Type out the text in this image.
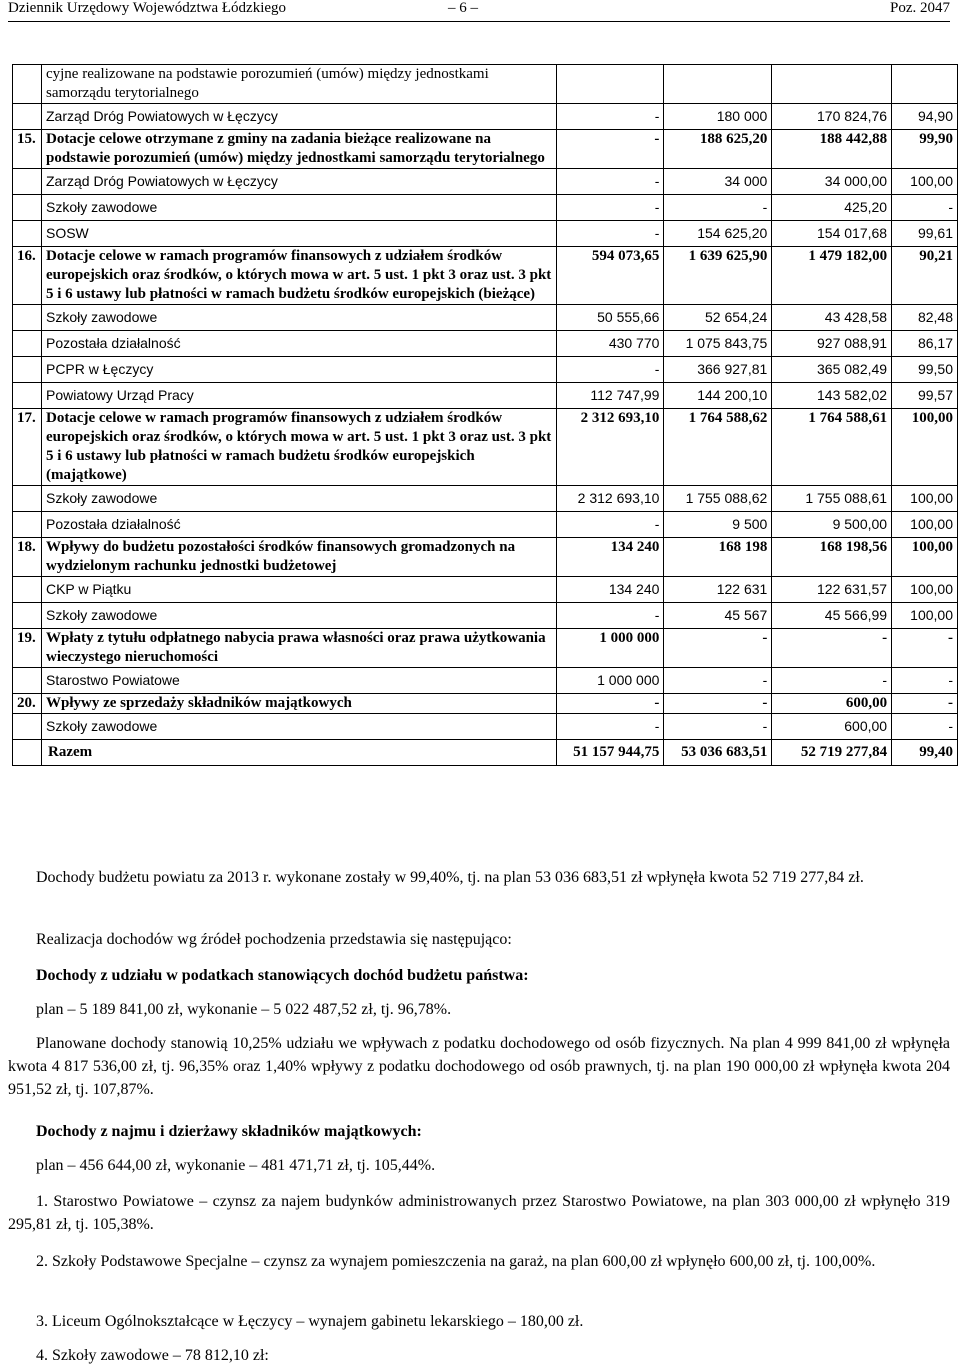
Dziennik Urzędowy Województwa Łódzkiego	– 6 –	Poz. 2047
	cyjne realizowane na podstawie porozumień (umów) między jednostkami samorządu terytorialnego				
	Zarząd Dróg Powiatowych w Łęczycy	-	180 000	170 824,76	94,90
15.	Dotacje celowe otrzymane z gminy na zadania bieżące realizowane na podstawie porozumień (umów) między jednostkami samorządu terytorialnego	-	188 625,20	188 442,88	99,90
	Zarząd Dróg Powiatowych w Łęczycy	-	34 000	34 000,00	100,00
	Szkoły zawodowe	-	-	425,20	-
	SOSW	-	154 625,20	154 017,68	99,61
16.	Dotacje celowe w ramach programów finansowych z udziałem środków europejskich oraz środków, o których mowa w art. 5 ust. 1 pkt 3 oraz ust. 3 pkt 5 i 6 ustawy lub płatności w ramach budżetu środków europejskich (bieżące)	594 073,65	1 639 625,90	1 479 182,00	90,21
	Szkoły zawodowe	50 555,66	52 654,24	43 428,58	82,48
	Pozostała działalność	430 770	1 075 843,75	927 088,91	86,17
	PCPR w Łęczycy	-	366 927,81	365 082,49	99,50
	Powiatowy Urząd Pracy	112 747,99	144 200,10	143 582,02	99,57
17.	Dotacje celowe w ramach programów finansowych z udziałem środków europejskich oraz środków, o których mowa w art. 5 ust. 1 pkt 3 oraz ust. 3 pkt 5 i 6 ustawy lub płatności w ramach budżetu środków europejskich (majątkowe)	2 312 693,10	1 764 588,62	1 764 588,61	100,00
	Szkoły zawodowe	2 312 693,10	1 755 088,62	1 755 088,61	100,00
	Pozostała działalność	-	9 500	9 500,00	100,00
18.	Wpływy do budżetu pozostałości środków finansowych gromadzonych na wydzielonym rachunku jednostki budżetowej	134 240	168 198	168 198,56	100,00
	CKP w Piątku	134 240	122 631	122 631,57	100,00
	Szkoły zawodowe	-	45 567	45 566,99	100,00
19.	Wpłaty z tytułu odpłatnego nabycia prawa własności oraz prawa użytkowania wieczystego nieruchomości	1 000 000	-	-	-
	Starostwo Powiatowe	1 000 000	-	-	-
20.	Wpływy ze sprzedaży składników majątkowych	-	-	600,00	-
	Szkoły zawodowe	-	-	600,00	-
	Razem	51 157 944,75	53 036 683,51	52 719 277,84	99,40
Dochody budżetu powiatu za 2013 r. wykonane zostały w 99,40%, tj. na plan 53 036 683,51 zł wpłynęła kwota 52 719 277,84 zł.
Realizacja dochodów wg źródeł pochodzenia przedstawia się następująco:
Dochody z udziału w podatkach stanowiących dochód budżetu państwa:
plan – 5 189 841,00 zł, wykonanie – 5 022 487,52 zł, tj. 96,78%.
Planowane dochody stanowią 10,25% udziału we wpływach z podatku dochodowego od osób fizycznych. Na plan 4 999 841,00 zł wpłynęła kwota 4 817 536,00 zł, tj. 96,35% oraz 1,40% wpływy z podatku dochodowego od osób prawnych, tj. na plan 190 000,00 zł wpłynęła kwota 204 951,52 zł, tj. 107,87%.
Dochody z najmu i dzierżawy składników majątkowych:
plan – 456 644,00 zł, wykonanie – 481 471,71 zł, tj. 105,44%.
1. Starostwo Powiatowe – czynsz za najem budynków administrowanych przez Starostwo Powiatowe, na plan 303 000,00 zł wpłynęło 319 295,81 zł, tj. 105,38%.
2. Szkoły Podstawowe Specjalne – czynsz za wynajem pomieszczenia na garaż, na plan 600,00 zł wpłynęło 600,00 zł, tj. 100,00%.
3. Liceum Ogólnokształcące w Łęczycy – wynajem gabinetu lekarskiego – 180,00 zł.
4. Szkoły zawodowe – 78 812,10 zł:
